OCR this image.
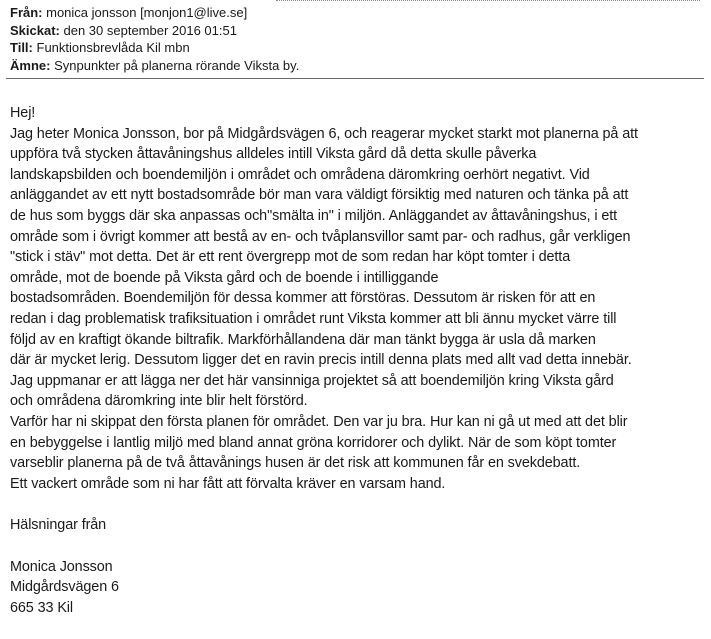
Från: monica jonsson [monjon1@live.se]
Skickat: den 30 september 2016 01:51
Till: Funktionsbrevlåda Kil mbn
Ämne: Synpunkter på planerna rörande Viksta by.
Hej!
Jag heter Monica Jonsson, bor på Midgårdsvägen 6, och reagerar mycket starkt mot planerna på att
uppföra två stycken åttavåningshus alldeles intill Viksta gård då detta skulle påverka
landskapsbilden och boendemiljön i området och områdena däromkring oerhört negativt. Vid
anläggandet av ett nytt bostadsområde bör man vara väldigt försiktig med naturen och tänka på att
de hus som byggs där ska anpassas och"smälta in" i miljön. Anläggandet av åttavåningshus, i ett
område som i övrigt kommer att bestå av en- och tvåplansvillor samt par- och radhus, går verkligen
"stick i stäv" mot detta. Det är ett rent övergrepp mot de som redan har köpt tomter i detta
område, mot de boende på Viksta gård och de boende i intilliggande
bostadsområden. Boendemiljön för dessa kommer att förstöras. Dessutom är risken för att en
redan i dag problematisk trafiksituation i området runt Viksta kommer att bli ännu mycket värre till
följd av en kraftigt ökande biltrafik. Markförhållandena där man tänkt bygga är usla då marken
där är mycket lerig. Dessutom ligger det en ravin precis intill denna plats med allt vad detta innebär.
Jag uppmanar er att lägga ner det här vansinniga projektet så att boendemiljön kring Viksta gård
och områdena däromkring inte blir helt förstörd.
Varför har ni skippat den första planen för området. Den var ju bra. Hur kan ni gå ut med att det blir
en bebyggelse i lantlig miljö med bland annat gröna korridorer och dylikt. När de som köpt tomter
varseblir planerna på de två åttavånings husen är det risk att kommunen får en svekdebatt.
Ett vackert område som ni har fått att förvalta kräver en varsam hand.
Hälsningar från
Monica Jonsson
Midgårdsvägen 6
665 33 Kil
